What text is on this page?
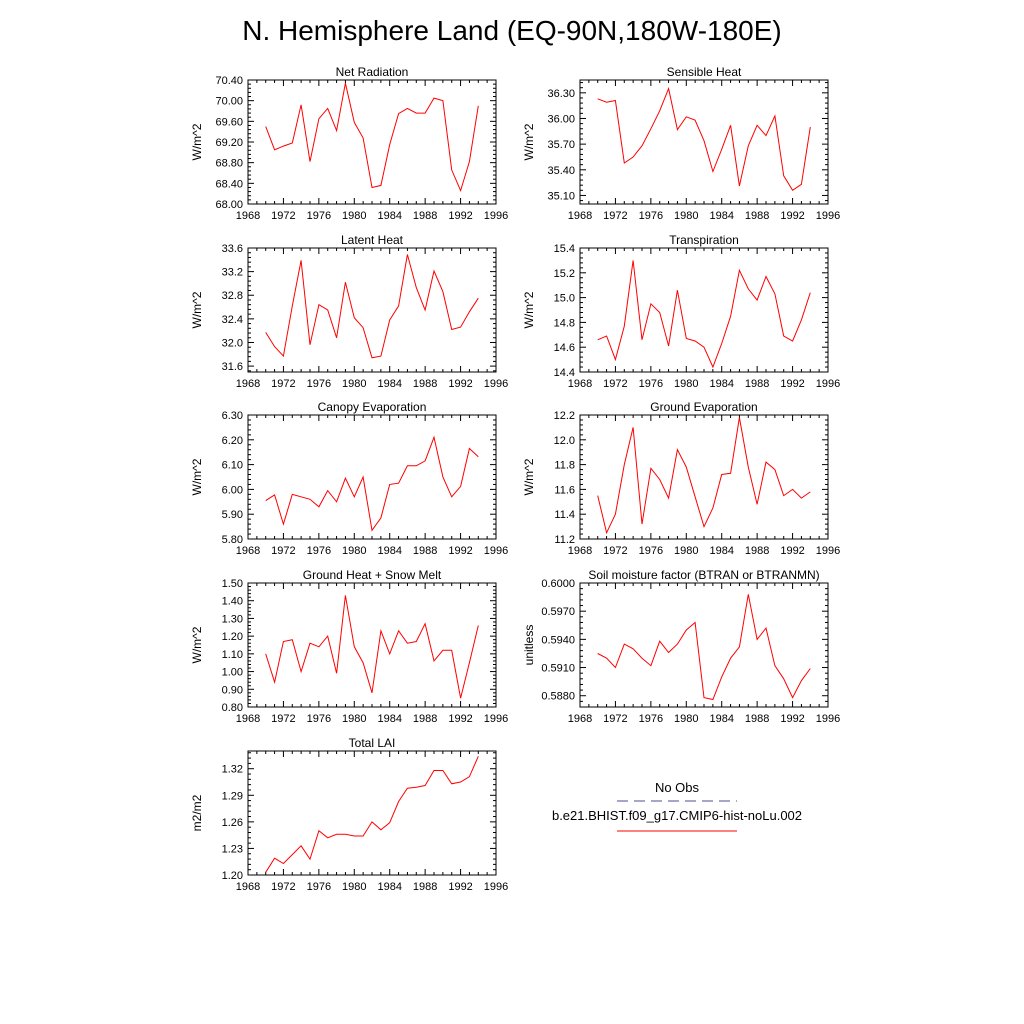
N. Hemisphere Land (EQ-90N,180W-180E)
Net Radiation
W/m^2
1968 1972 1976 1980 1984 1988 1992 1996
68.00
68.40
68.80
69.20
69.60
70.00
70.40
Sensible Heat
W/m^2
1968 1972 1976 1980 1984 1988 1992 1996
35.10
35.40
35.70
36.00
36.30
Latent Heat
W/m^2
1968 1972 1976 1980 1984 1988 1992 1996
31.6
32.0
32.4
32.8
33.2
33.6
Transpiration
W/m^2
1968 1972 1976 1980 1984 1988 1992 1996
14.4
14.6
14.8
15.0
15.2
15.4
Canopy Evaporation
W/m^2
1968 1972 1976 1980 1984 1988 1992 1996
5.80
5.90
6.00
6.10
6.20
6.30
Ground Evaporation
W/m^2
1968 1972 1976 1980 1984 1988 1992 1996
11.2
11.4
11.6
11.8
12.0
12.2
Ground Heat + Snow Melt
W/m^2
1968 1972 1976 1980 1984 1988 1992 1996
0.80
0.90
1.00
1.10
1.20
1.30
1.40
1.50
Soil moisture factor (BTRAN or BTRANMN)
unitless
1968 1972 1976 1980 1984 1988 1992 1996
0.5880
0.5910
0.5940
0.5970
0.6000
Total LAI
m2/m2
1968 1972 1976 1980 1984 1988 1992 1996
1.20
1.23
1.26
1.29
1.32
No Obs
b.e21.BHIST.f09_g17.CMIP6-hist-noLu.002
